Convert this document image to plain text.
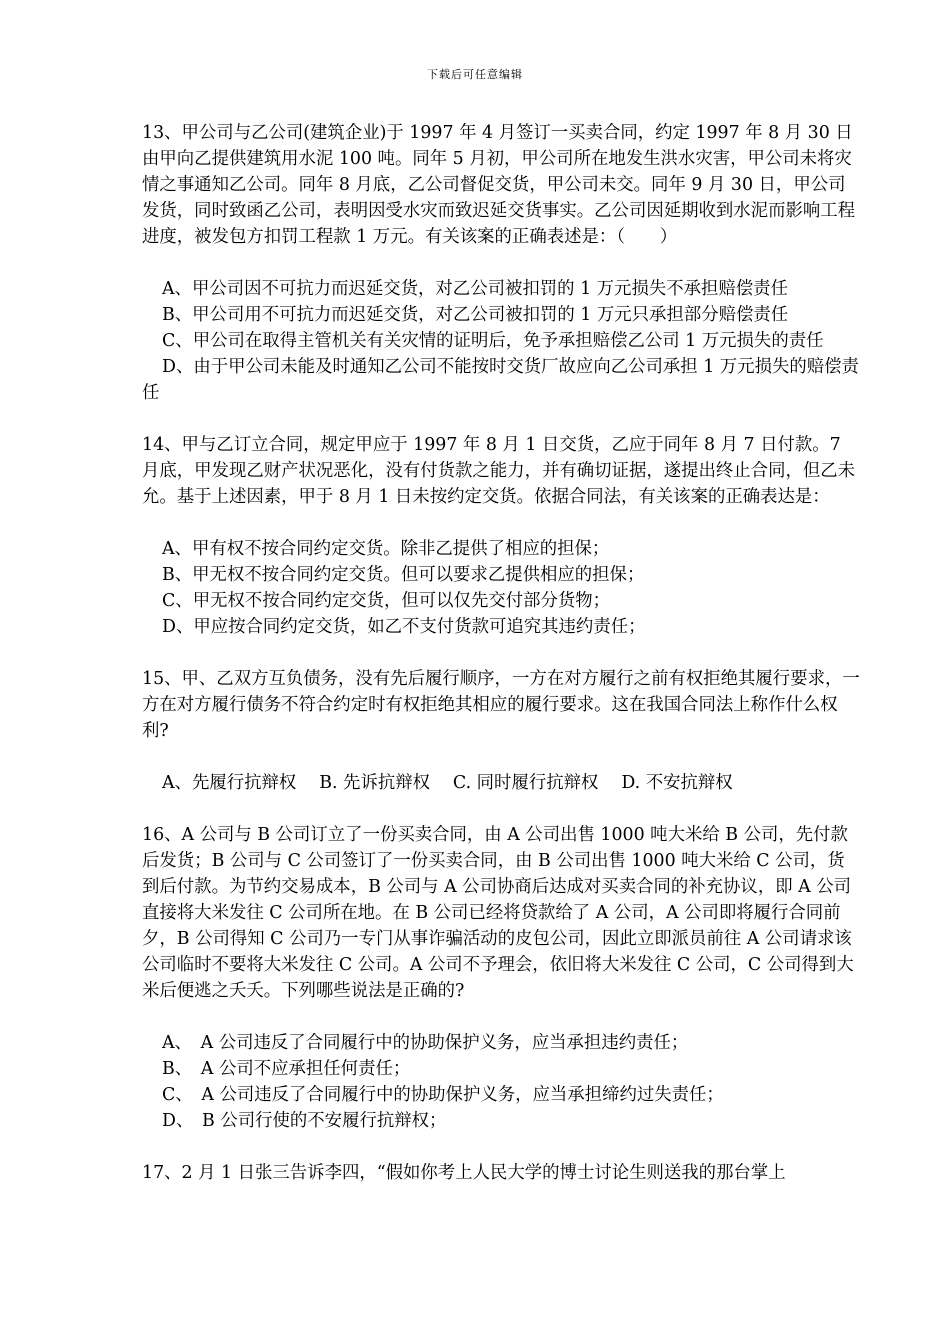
下载后可任意编辑

13、甲公司与乙公司(建筑企业)于 1997 年 4 月签订一买卖合同，约定 1997 年 8 月 30 日由甲向乙提供建筑用水泥 100 吨。同年 5 月初，甲公司所在地发生洪水灾害，甲公司未将灾情之事通知乙公司。同年 8 月底，乙公司督促交货，甲公司未交。同年 9 月 30 日，甲公司发货，同时致函乙公司，表明因受水灾而致迟延交货事实。乙公司因延期收到水泥而影响工程进度，被发包方扣罚工程款 1 万元。有关该案的正确表述是：（　　）

A、甲公司因不可抗力而迟延交货，对乙公司被扣罚的 1 万元损失不承担赔偿责任

B、甲公司用不可抗力而迟延交货，对乙公司被扣罚的 1 万元只承担部分赔偿责任

C、甲公司在取得主管机关有关灾情的证明后，免予承担赔偿乙公司 1 万元损失的责任

D、由于甲公司未能及时通知乙公司不能按时交货厂故应向乙公司承担 1 万元损失的赔偿责任

14、甲与乙订立合同，规定甲应于 1997 年 8 月 1 日交货，乙应于同年 8 月 7 日付款。7 月底，甲发现乙财产状况恶化，没有付货款之能力，并有确切证据，遂提出终止合同，但乙未允。基于上述因素，甲于 8 月 1 日未按约定交货。依据合同法，有关该案的正确表达是：

A、甲有权不按合同约定交货。除非乙提供了相应的担保；

B、甲无权不按合同约定交货。但可以要求乙提供相应的担保；

C、甲无权不按合同约定交货，但可以仅先交付部分货物；

D、甲应按合同约定交货，如乙不支付货款可追究其违约责任；

15、甲、乙双方互负债务，没有先后履行顺序，一方在对方履行之前有权拒绝其履行要求，一方在对方履行债务不符合约定时有权拒绝其相应的履行要求。这在我国合同法上称作什么权利?

A、先履行抗辩权　 B. 先诉抗辩权　 C. 同时履行抗辩权　 D. 不安抗辩权

16、A 公司与 B 公司订立了一份买卖合同，由 A 公司出售 1000 吨大米给 B 公司，先付款后发货；B 公司与 C 公司签订了一份买卖合同，由 B 公司出售 1000 吨大米给 C 公司，货到后付款。为节约交易成本，B 公司与 A 公司协商后达成对买卖合同的补充协议，即 A 公司直接将大米发往 C 公司所在地。在 B 公司已经将贷款给了 A 公司，A 公司即将履行合同前夕，B 公司得知 C 公司乃一专门从事诈骗活动的皮包公司，因此立即派员前往 A 公司请求该公司临时不要将大米发往 C 公司。A 公司不予理会，依旧将大米发往 C 公司，C 公司得到大米后便逃之夭夭。下列哪些说法是正确的?

A、　A 公司违反了合同履行中的协助保护义务，应当承担违约责任；

B、　A 公司不应承担任何责任；

C、　A 公司违反了合同履行中的协助保护义务，应当承担缔约过失责任；

D、　B 公司行使的不安履行抗辩权；

17、2 月 1 日张三告诉李四，“假如你考上人民大学的博士讨论生则送我的那台掌上
